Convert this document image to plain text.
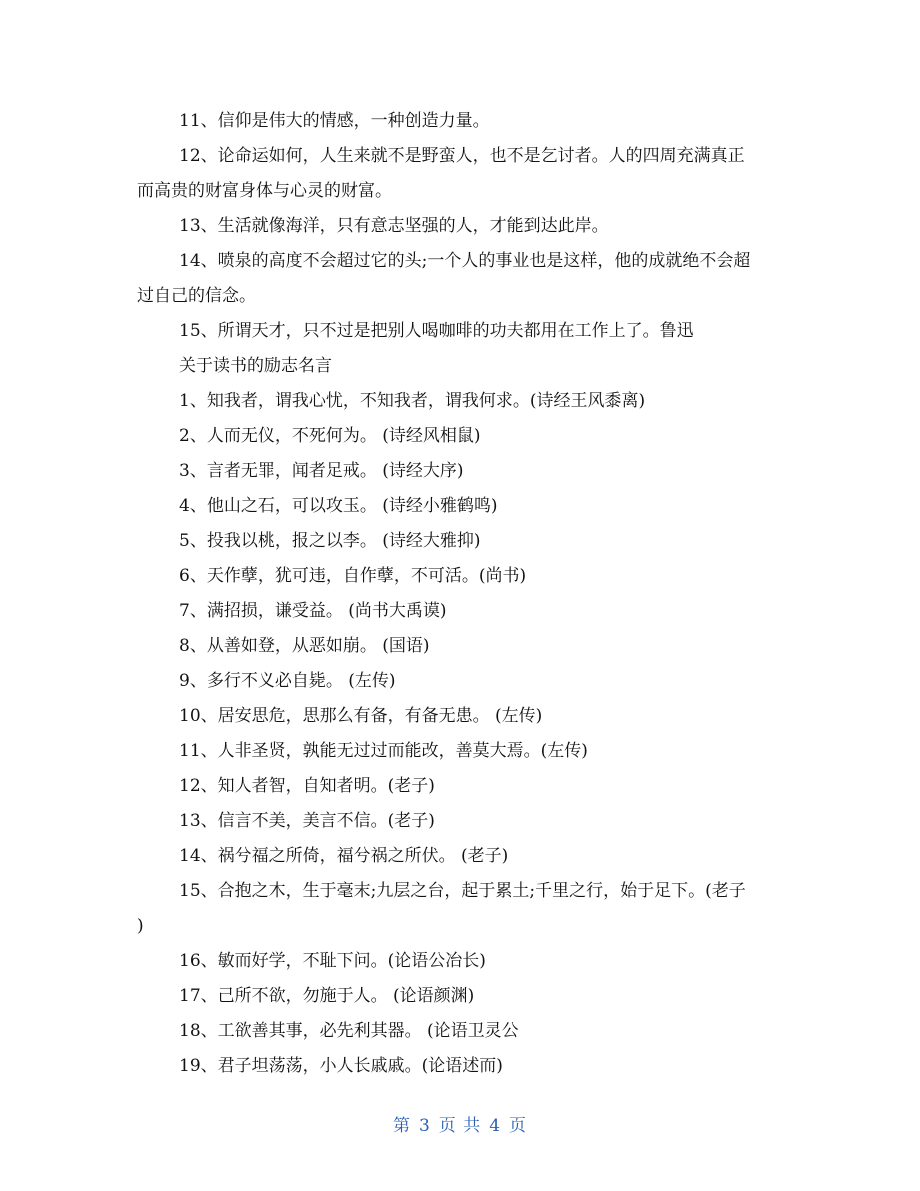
11、信仰是伟大的情感，一种创造力量。
12、论命运如何，人生来就不是野蛮人，也不是乞讨者。人的四周充满真正
而高贵的财富身体与心灵的财富。
13、生活就像海洋，只有意志坚强的人，才能到达此岸。
14、喷泉的高度不会超过它的头;一个人的事业也是这样，他的成就绝不会超
过自己的信念。
15、所谓天才，只不过是把别人喝咖啡的功夫都用在工作上了。鲁迅
关于读书的励志名言
1、知我者，谓我心忧，不知我者，谓我何求。(诗经王风黍离)
2、人而无仪，不死何为。 (诗经风相鼠)
3、言者无罪，闻者足戒。 (诗经大序)
4、他山之石，可以攻玉。 (诗经小雅鹤鸣)
5、投我以桃，报之以李。 (诗经大雅抑)
6、天作孽，犹可违，自作孽，不可活。(尚书)
7、满招损，谦受益。 (尚书大禹谟)
8、从善如登，从恶如崩。 (国语)
9、多行不义必自毙。 (左传)
10、居安思危，思那么有备，有备无患。 (左传)
11、人非圣贤，孰能无过过而能改，善莫大焉。(左传)
12、知人者智，自知者明。(老子)
13、信言不美，美言不信。(老子)
14、祸兮福之所倚，福兮祸之所伏。 (老子)
15、合抱之木，生于毫末;九层之台，起于累土;千里之行，始于足下。(老子
)
16、敏而好学，不耻下问。(论语公冶长)
17、己所不欲，勿施于人。 (论语颜渊)
18、工欲善其事，必先利其器。 (论语卫灵公
19、君子坦荡荡，小人长戚戚。(论语述而)
第 3 页 共 4 页
